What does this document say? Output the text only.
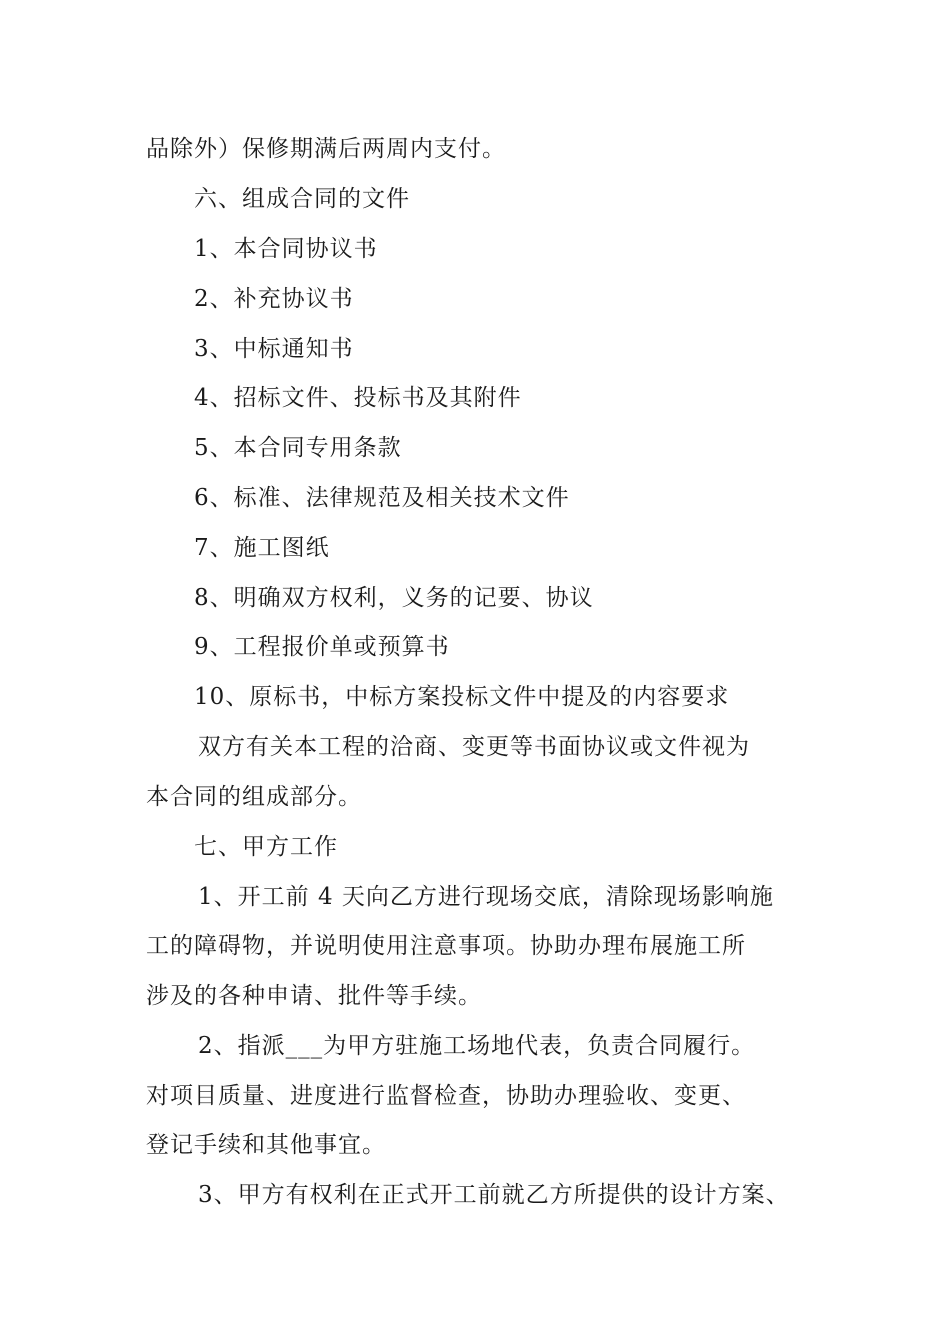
品除外）保修期满后两周内支付。
六、组成合同的文件
1、本合同协议书
2、补充协议书
3、中标通知书
4、招标文件、投标书及其附件
5、本合同专用条款
6、标准、法律规范及相关技术文件
7、施工图纸
8、明确双方权利，义务的记要、协议
9、工程报价单或预算书
10、原标书，中标方案投标文件中提及的内容要求
双方有关本工程的洽商、变更等书面协议或文件视为
本合同的组成部分。
七、甲方工作
1、开工前 4 天向乙方进行现场交底，清除现场影响施
工的障碍物，并说明使用注意事项。协助办理布展施工所
涉及的各种申请、批件等手续。
2、指派___为甲方驻施工场地代表，负责合同履行。
对项目质量、进度进行监督检查，协助办理验收、变更、
登记手续和其他事宜。
3、甲方有权利在正式开工前就乙方所提供的设计方案、
